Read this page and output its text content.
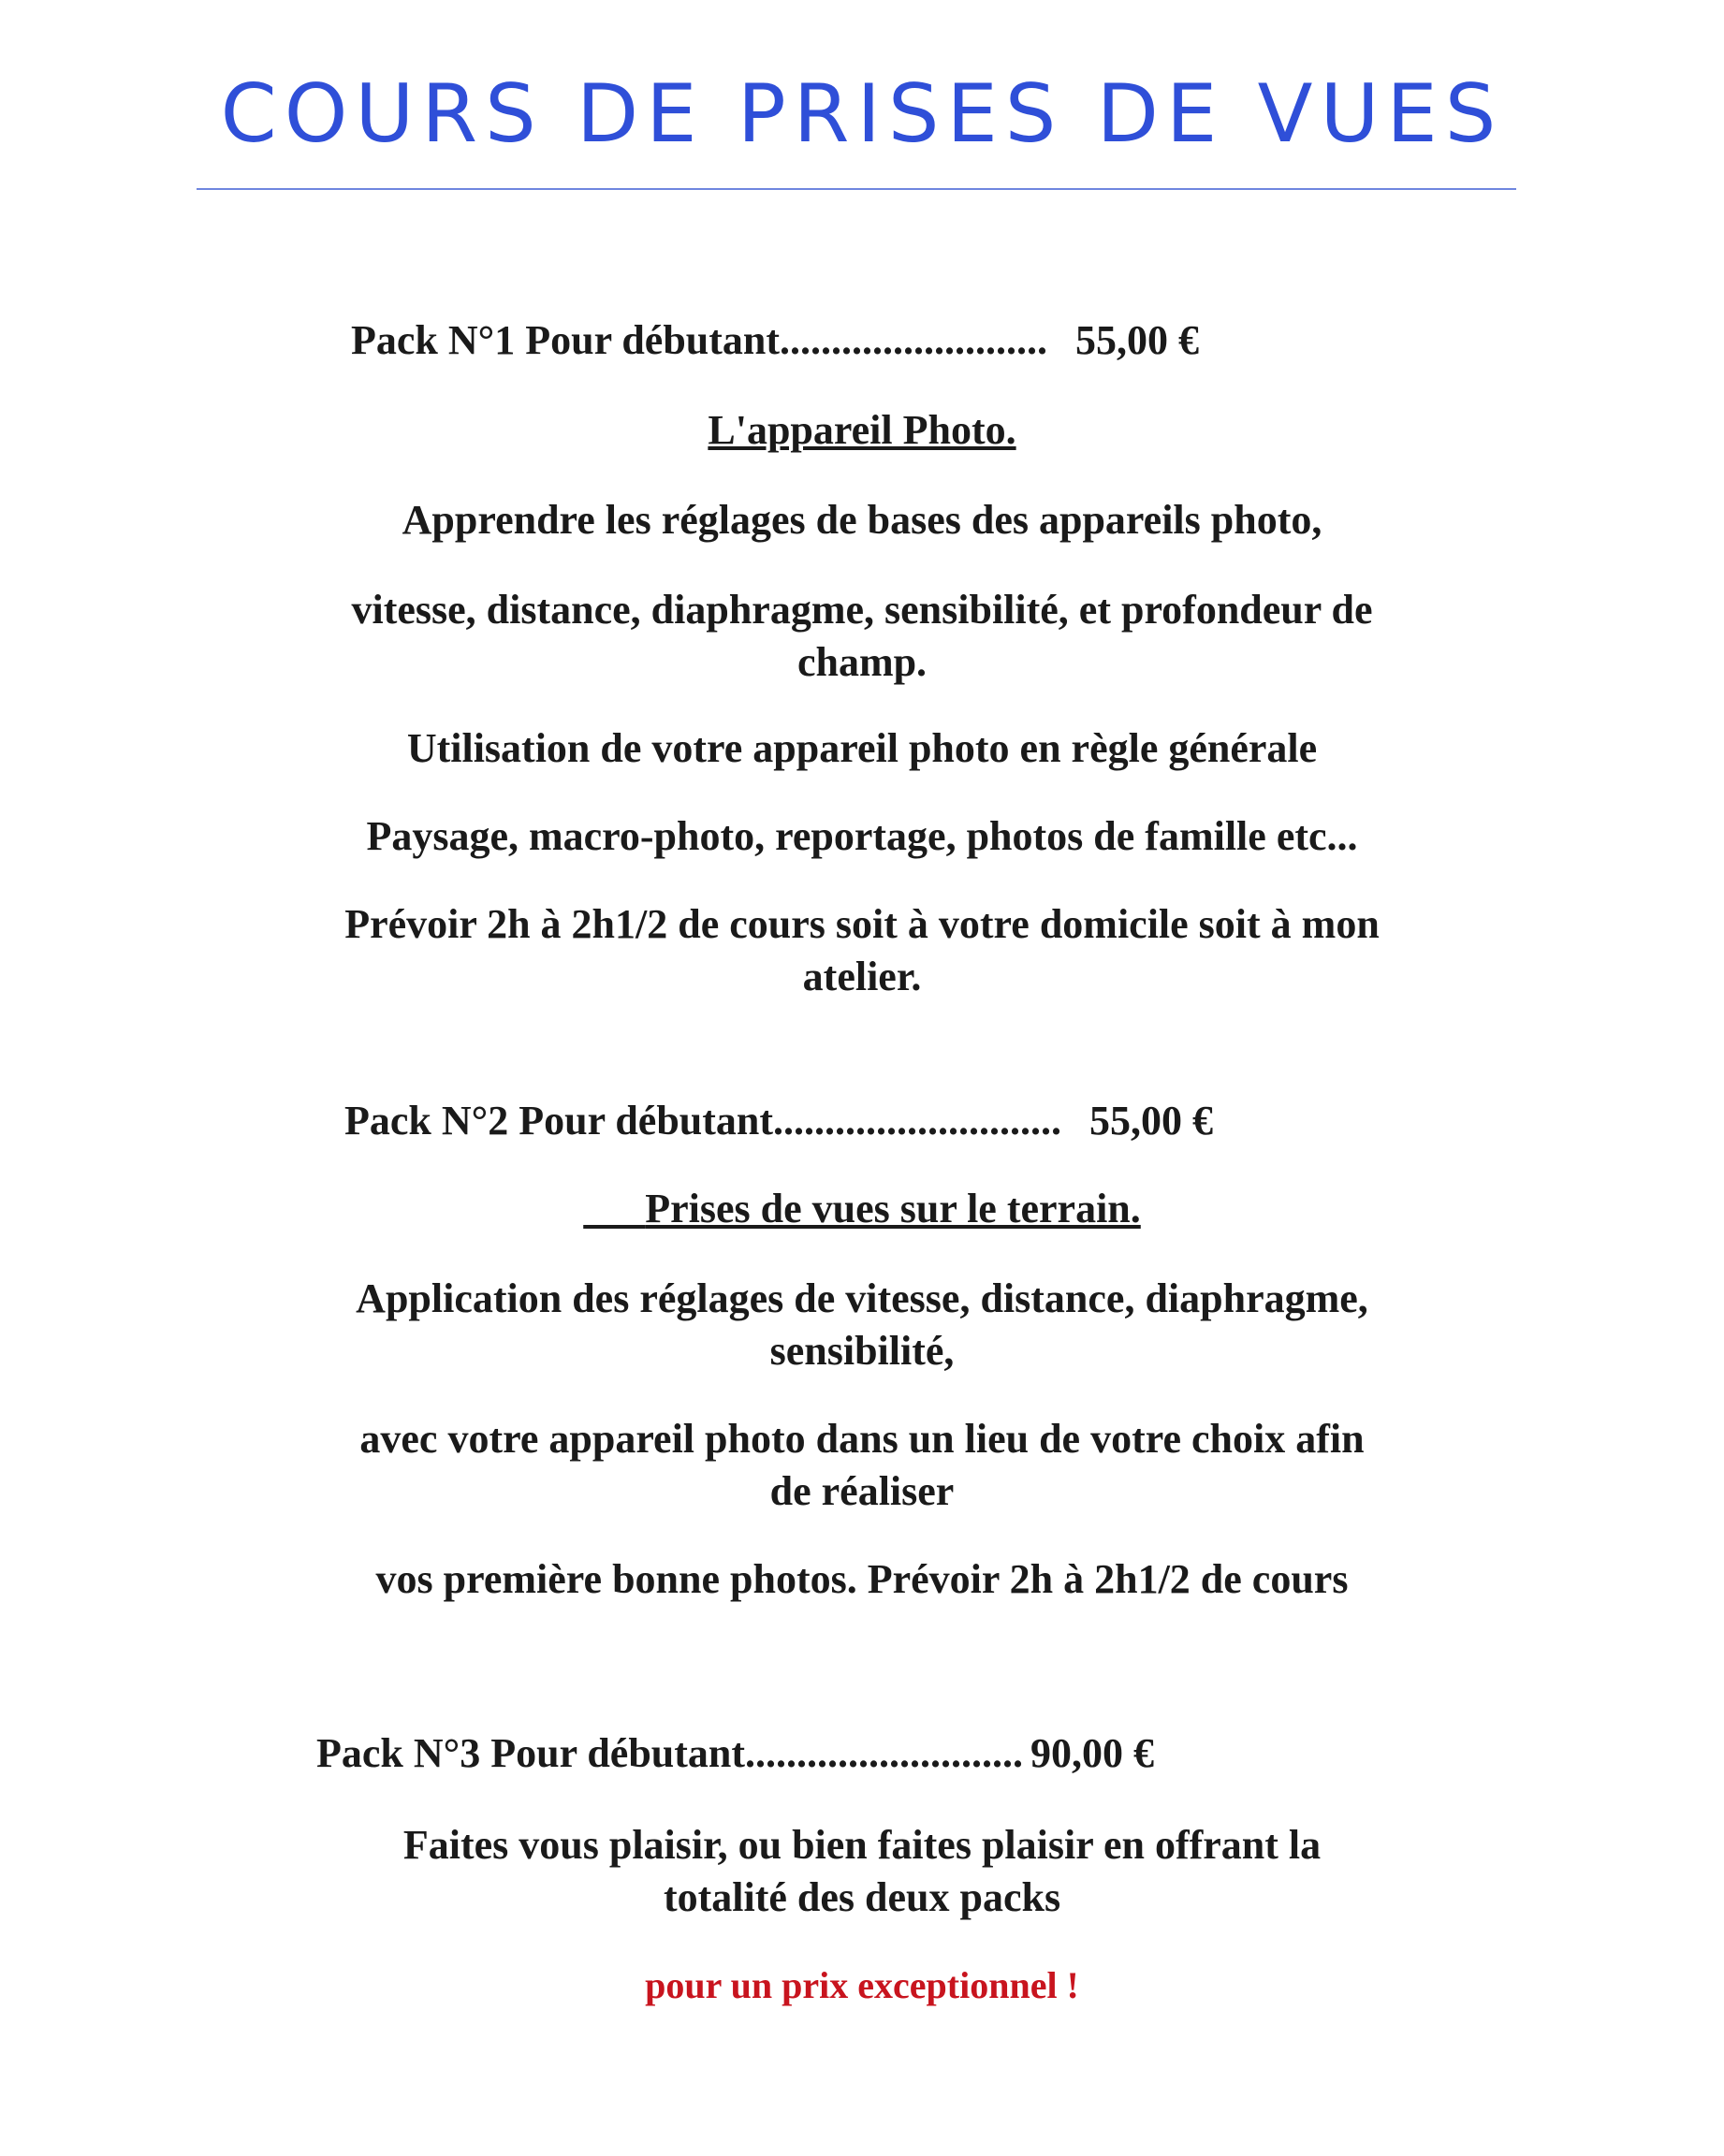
COURS DE PRISES DE VUES
Pack N°1 Pour débutant.......................... 55,00 €

L'appareil Photo.

Apprendre les réglages de bases des appareils photo,

vitesse, distance, diaphragme, sensibilité, et profondeur de

champ.

Utilisation de votre appareil photo en règle générale

Paysage, macro-photo, reportage, photos de famille etc...

Prévoir 2h à 2h1/2 de cours soit à votre domicile soit à mon

atelier.

Pack N°2 Pour débutant............................ 55,00 €

Prises de vues sur le terrain.

Application des réglages de vitesse, distance, diaphragme,

sensibilité,

avec votre appareil photo dans un lieu de votre choix afin

de réaliser

vos première bonne photos. Prévoir 2h à 2h1/2 de cours

Pack N°3 Pour débutant........................... 90,00 €

Faites vous plaisir, ou bien faites plaisir en offrant la

totalité des deux packs

pour un prix exceptionnel !
